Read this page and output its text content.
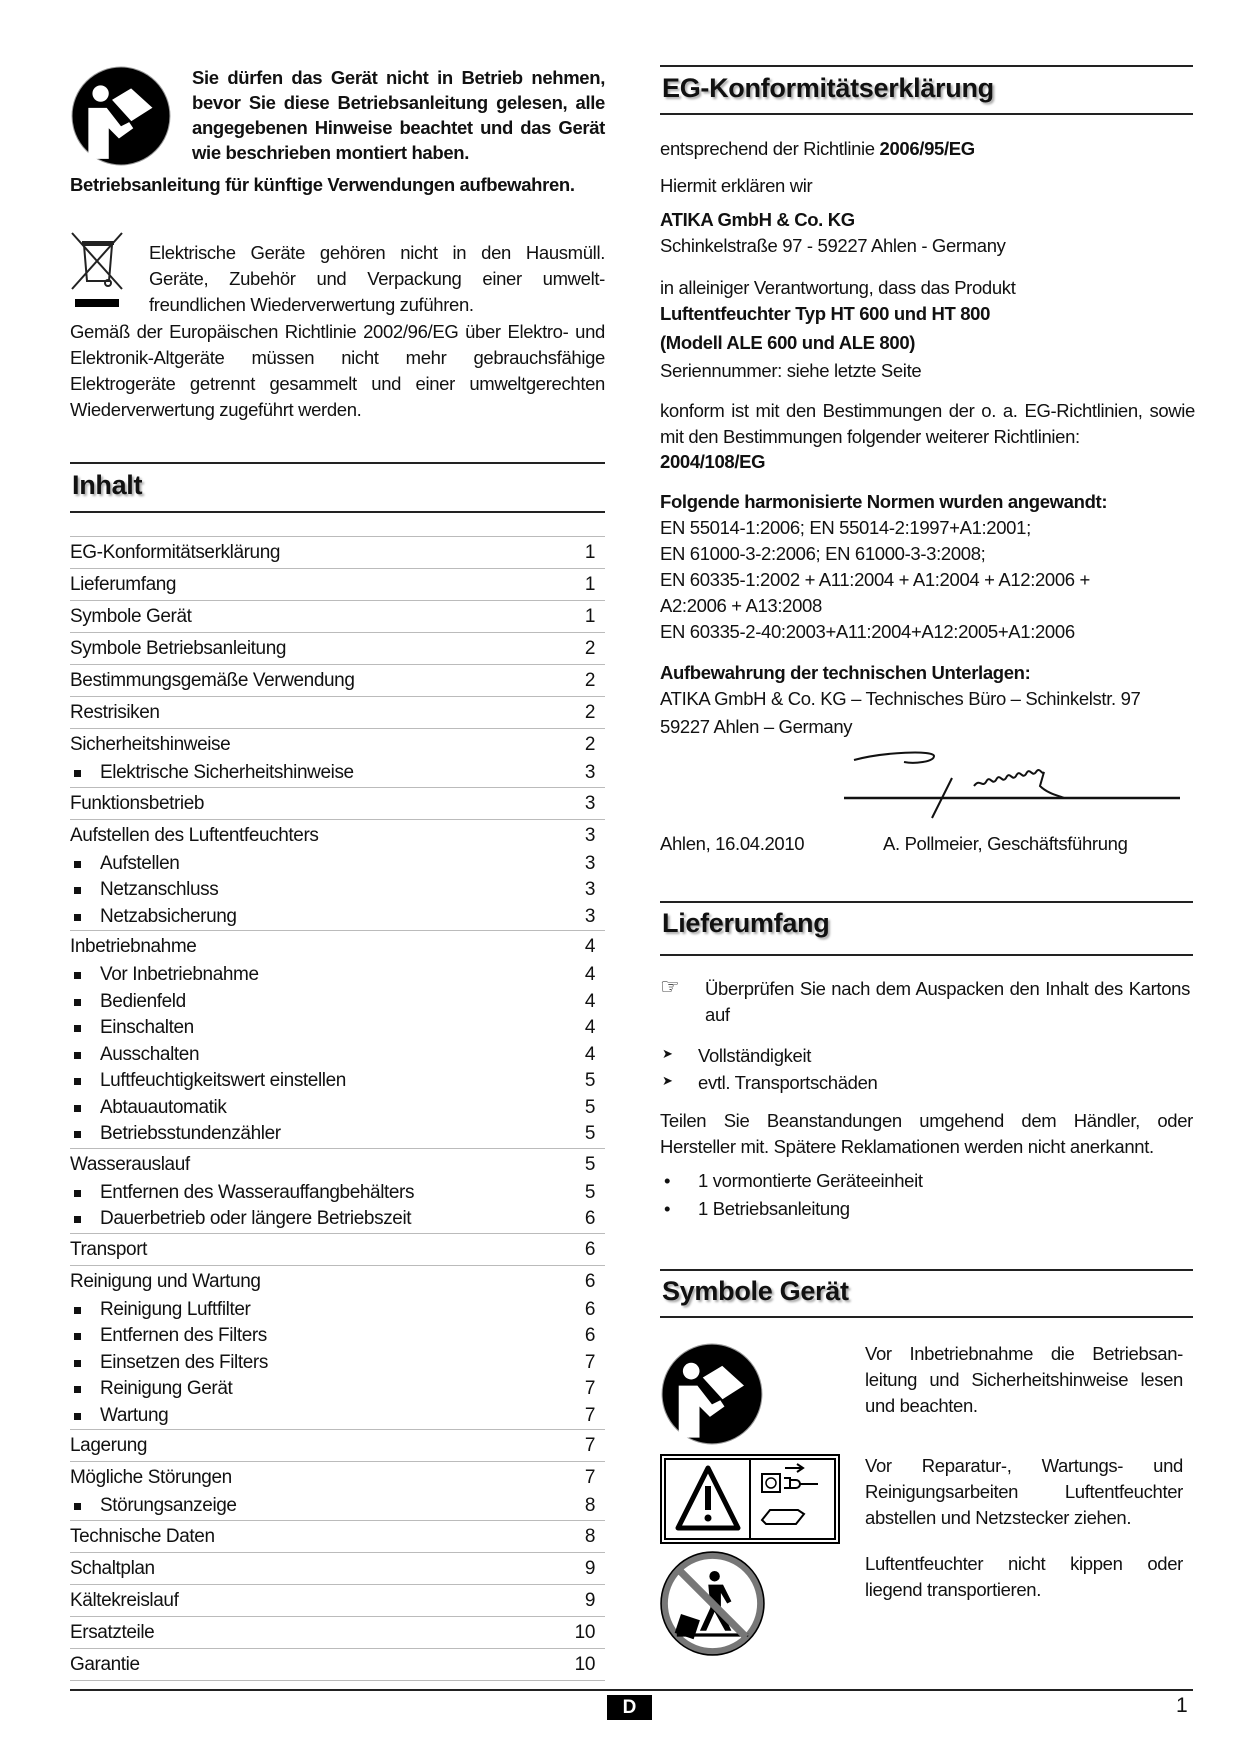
Sie dürfen das Gerät nicht in Betrieb nehmen, bevor Sie diese Betriebsanleitung gelesen, alle angegebenen Hinweise beachtet und das Gerät wie beschrieben montiert haben.
Betriebsanleitung für künftige Verwendungen aufbewahren.
Elektrische Geräte gehören nicht in den Hausmüll. Geräte, Zubehör und Verpackung einer umwelt-freundlichen Wiederverwertung zuführen.
Gemäß der Europäischen Richtlinie 2002/96/EG über Elektro- und Elektronik-Altgeräte müssen nicht mehr gebrauchsfähige Elektrogeräte getrennt gesammelt und einer umweltgerechten Wiederverwertung zugeführt werden.
Inhalt
EG-Konformitätserklärung	1
Lieferumfang	1
Symbole Gerät	1
Symbole Betriebsanleitung	2
Bestimmungsgemäße Verwendung	2
Restrisiken	2
Sicherheitshinweise	2
Elektrische Sicherheitshinweise	3
Funktionsbetrieb	3
Aufstellen des Luftentfeuchters	3
Aufstellen	3
Netzanschluss	3
Netzabsicherung	3
Inbetriebnahme	4
Vor Inbetriebnahme	4
Bedienfeld	4
Einschalten	4
Ausschalten	4
Luftfeuchtigkeitswert einstellen	5
Abtauautomatik	5
Betriebsstundenzähler	5
Wasserauslauf	5
Entfernen des Wasserauffangbehälters	5
Dauerbetrieb oder längere Betriebszeit	6
Transport	6
Reinigung und Wartung	6
Reinigung Luftfilter	6
Entfernen des Filters	6
Einsetzen des Filters	7
Reinigung Gerät	7
Wartung	7
Lagerung	7
Mögliche Störungen	7
Störungsanzeige	8
Technische Daten	8
Schaltplan	9
Kältekreislauf	9
Ersatzteile	10
Garantie	10
EG-Konformitätserklärung
entsprechend der Richtlinie 2006/95/EG
Hiermit erklären wir
ATIKA GmbH & Co. KG
Schinkelstraße 97 - 59227 Ahlen - Germany
in alleiniger Verantwortung, dass das Produkt
Luftentfeuchter Typ HT 600 und HT 800
(Modell ALE 600 und ALE 800)
Seriennummer: siehe letzte Seite
konform ist mit den Bestimmungen der o. a. EG-Richtlinien, sowie mit den Bestimmungen folgender weiterer Richtlinien:
2004/108/EG
Folgende harmonisierte Normen wurden angewandt:
EN 55014-1:2006; EN 55014-2:1997+A1:2001;
EN 61000-3-2:2006; EN 61000-3-3:2008;
EN 60335-1:2002 + A11:2004 + A1:2004 + A12:2006 +
A2:2006 + A13:2008
EN 60335-2-40:2003+A11:2004+A12:2005+A1:2006
Aufbewahrung der technischen Unterlagen:
ATIKA GmbH & Co. KG – Technisches Büro – Schinkelstr. 97
59227 Ahlen – Germany
Ahlen, 16.04.2010	A. Pollmeier, Geschäftsführung
Lieferumfang
☞ Überprüfen Sie nach dem Auspacken den Inhalt des Kartons auf
➤ Vollständigkeit
➤ evtl. Transportschäden
Teilen Sie Beanstandungen umgehend dem Händler, oder Hersteller mit. Spätere Reklamationen werden nicht anerkannt.
• 1 vormontierte Geräteeinheit
• 1 Betriebsanleitung
Symbole Gerät
Vor Inbetriebnahme die Betriebsan-leitung und Sicherheitshinweise lesen und beachten.
Vor Reparatur-, Wartungs- und Reinigungsarbeiten Luftentfeuchter abstellen und Netzstecker ziehen.
Luftentfeuchter nicht kippen oder liegend transportieren.
D	1
